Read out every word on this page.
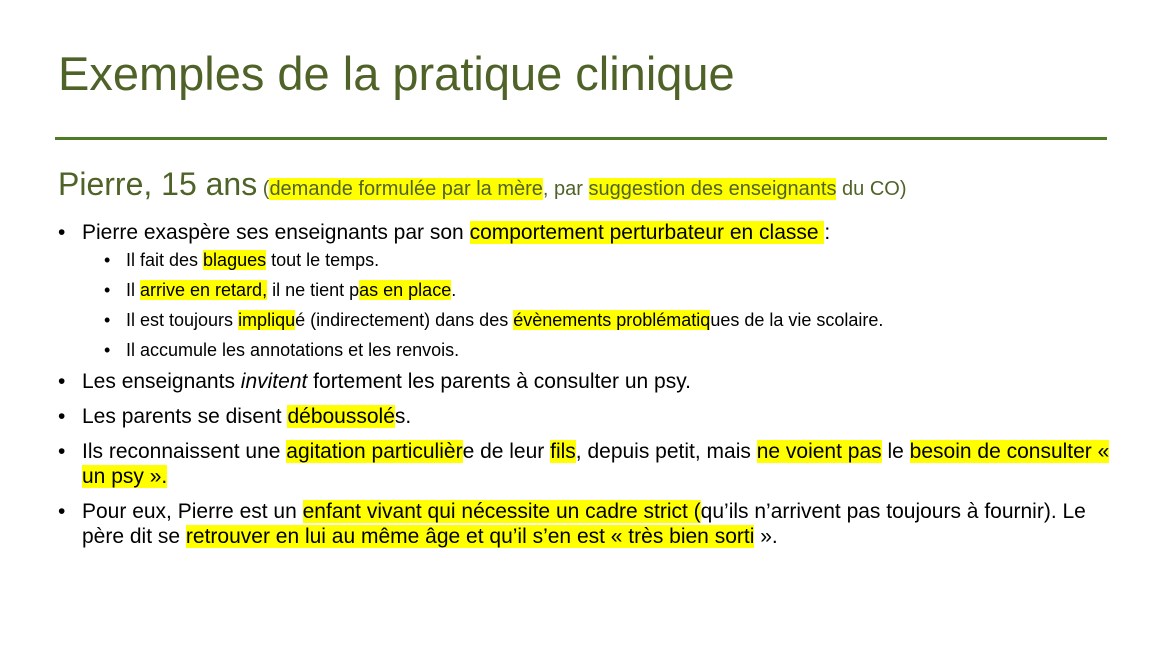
Exemples de la pratique clinique
Pierre, 15 ans (demande formulée par la mère, par suggestion des enseignants du CO)
• Pierre exaspère ses enseignants par son comportement perturbateur en classe :
• Il fait des blagues tout le temps.
• Il arrive en retard, il ne tient pas en place.
• Il est toujours impliqué (indirectement) dans des évènements problématiques de la vie scolaire.
• Il accumule les annotations et les renvois.
• Les enseignants invitent fortement les parents à consulter un psy.
• Les parents se disent déboussolés.
• Ils reconnaissent une agitation particulière de leur fils, depuis petit, mais ne voient pas le besoin de consulter « un psy ».
• Pour eux, Pierre est un enfant vivant qui nécessite un cadre strict (qu’ils n’arrivent pas toujours à fournir). Le père dit se retrouver en lui au même âge et qu’il s’en est « très bien sorti ».
